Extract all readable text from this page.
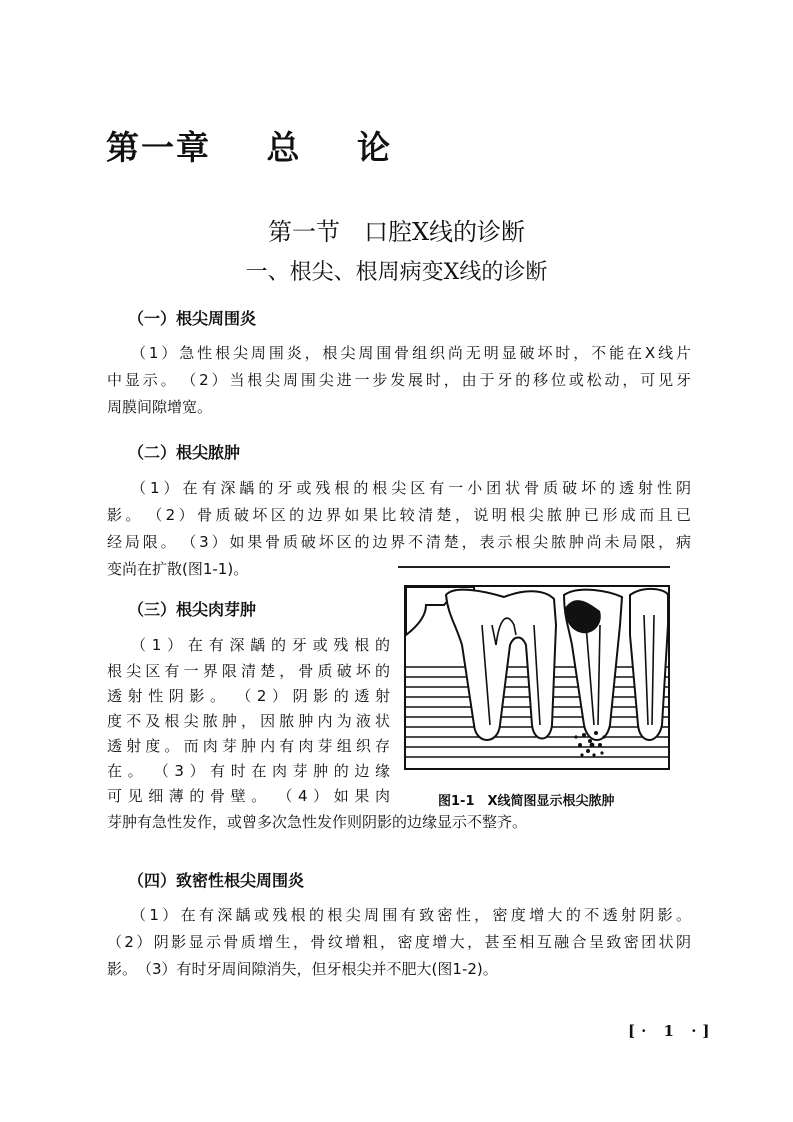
第一章 总 论
第一节　口腔X线的诊断
一、根尖、根周病变X线的诊断
（一）根尖周围炎
（1）急性根尖周围炎，根尖周围骨组织尚无明显破坏时，不能在X线片
中显示。　（2）当根尖周围尖进一步发展时，由于牙的移位或松动，可见牙
周膜间隙增宽。
（二）根尖脓肿
（1）在有深龋的牙或残根的根尖区有一小团状骨质破坏的透射性阴
影。　（2）骨质破坏区的边界如果比较清楚，说明根尖脓肿已形成而且已
经局限。　（3）如果骨质破坏区的边界不清楚，表示根尖脓肿尚未局限，病
变尚在扩散(图1-1)。
（三）根尖肉芽肿
（1）在有深龋的牙或残根的
根尖区有一界限清楚，骨质破坏的
透射性阴影。　（2）阴影的透射
度不及根尖脓肿，因脓肿内为液状
透射度。而肉芽肿内有肉芽组织存
在。　（3）有时在肉芽肿的边缘
可见细薄的骨壁。　（4）如果肉
芽肿有急性发作，或曾多次急性发作则阴影的边缘显示不整齐。
图1-1　X线简图显示根尖脓肿
（四）致密性根尖周围炎
（1）在有深龋或残根的根尖周围有致密性，密度增大的不透射阴影。
（2）阴影显示骨质增生，骨纹增粗，密度增大，甚至相互融合呈致密团状阴
影。　（3）有时牙周间隙消失，但牙根尖并不肥大(图1-2)。
[· 1 ·]
